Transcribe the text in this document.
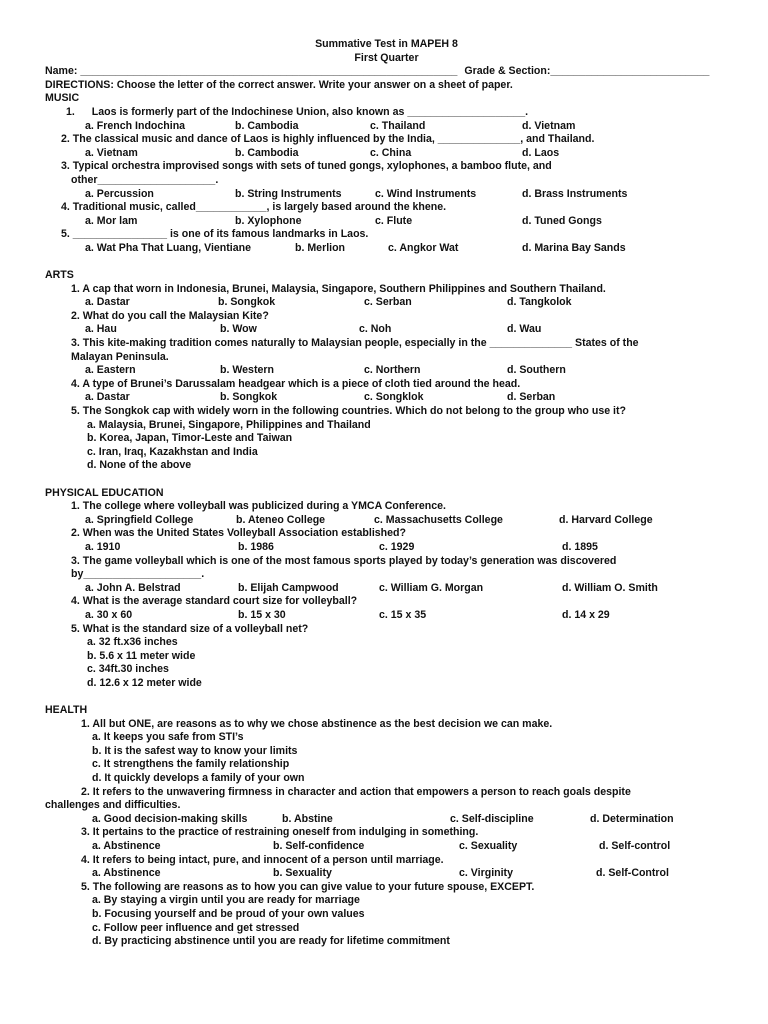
Summative Test in MAPEH 8
First Quarter
Name: ________________________________________________________________ Grade & Section:___________________________
DIRECTIONS: Choose the letter of the correct answer. Write your answer on a sheet of paper.
MUSIC
1. Laos is formerly part of the Indochinese Union, also known as ____________________.
a. French Indochina	b. Cambodia	c. Thailand	d. Vietnam
2. The classical music and dance of Laos is highly influenced by the India, ______________, and Thailand.
a. Vietnam	b. Cambodia	c. China	d. Laos
3. Typical orchestra improvised songs with sets of tuned gongs, xylophones, a bamboo flute, and
other____________________.
a. Percussion	b. String Instruments	c. Wind Instruments	d. Brass Instruments
4. Traditional music, called____________, is largely based around the khene.
a. Mor lam	b. Xylophone	c. Flute	d. Tuned Gongs
5. ________________ is one of its famous landmarks in Laos.
a. Wat Pha That Luang, Vientiane	b. Merlion	c. Angkor Wat	d. Marina Bay Sands
ARTS
1. A cap that worn in Indonesia, Brunei, Malaysia, Singapore, Southern Philippines and Southern Thailand.
a. Dastar	b. Songkok	c. Serban	d. Tangkolok
2. What do you call the Malaysian Kite?
a. Hau	b. Wow	c. Noh	d. Wau
3. This kite-making tradition comes naturally to Malaysian people, especially in the ______________ States of the
Malayan Peninsula.
a. Eastern	b. Western	c. Northern	d. Southern
4. A type of Brunei’s Darussalam headgear which is a piece of cloth tied around the head.
a. Dastar	b. Songkok	c. Songklok	d. Serban
5. The Songkok cap with widely worn in the following countries. Which do not belong to the group who use it?
a. Malaysia, Brunei, Singapore, Philippines and Thailand
b. Korea, Japan, Timor-Leste and Taiwan
c. Iran, Iraq, Kazakhstan and India
d. None of the above
PHYSICAL EDUCATION
1. The college where volleyball was publicized during a YMCA Conference.
a. Springfield College	b. Ateneo College	c. Massachusetts College	d. Harvard College
2. When was the United States Volleyball Association established?
a. 1910	b. 1986	c. 1929	d. 1895
3. The game volleyball which is one of the most famous sports played by today’s generation was discovered
by____________________.
a. John A. Belstrad	b. Elijah Campwood	c. William G. Morgan	d. William O. Smith
4. What is the average standard court size for volleyball?
a. 30 x 60	b. 15 x 30	c. 15 x 35	d. 14 x 29
5. What is the standard size of a volleyball net?
a. 32 ft.x36 inches
b. 5.6 x 11 meter wide
c. 34ft.30 inches
d. 12.6 x 12 meter wide
HEALTH
1. All but ONE, are reasons as to why we chose abstinence as the best decision we can make.
a. It keeps you safe from STI’s
b. It is the safest way to know your limits
c. It strengthens the family relationship
d. It quickly develops a family of your own
2. It refers to the unwavering firmness in character and action that empowers a person to reach goals despite
challenges and difficulties.
a. Good decision-making skills	b. Abstine	c. Self-discipline	d. Determination
3. It pertains to the practice of restraining oneself from indulging in something.
a. Abstinence	b. Self-confidence	c. Sexuality	d. Self-control
4. It refers to being intact, pure, and innocent of a person until marriage.
a. Abstinence	b. Sexuality	c. Virginity	d. Self-Control
5. The following are reasons as to how you can give value to your future spouse, EXCEPT.
a. By staying a virgin until you are ready for marriage
b. Focusing yourself and be proud of your own values
c. Follow peer influence and get stressed
d. By practicing abstinence until you are ready for lifetime commitment
